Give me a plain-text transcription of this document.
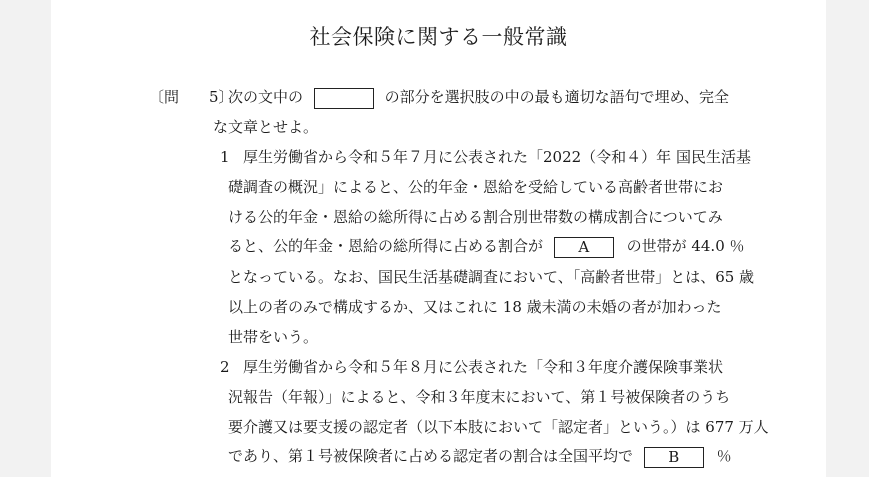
社会保険に関する一般常識
〔問　　5〕
次の文中の	の部分を選択肢の中の最も適切な語句で埋め、完全
な文章とせよ。
1 厚生労働省から令和５年７月に公表された「2022（令和４）年 国民生活基
礎調査の概況」によると、公的年金・恩給を受給している高齢者世帯にお
ける公的年金・恩給の総所得に占める割合別世帯数の構成割合についてみ
ると、公的年金・恩給の総所得に占める割合が A の世帯が 44.0 ％
となっている。なお、国民生活基礎調査において、「高齢者世帯」とは、65 歳
以上の者のみで構成するか、又はこれに 18 歳未満の未婚の者が加わった
世帯をいう。
2 厚生労働省から令和５年８月に公表された「令和３年度介護保険事業状
況報告（年報）」によると、令和３年度末において、第１号被保険者のうち
要介護又は要支援の認定者（以下本肢において「認定者」という。）は 677 万人
であり、第１号被保険者に占める認定者の割合は全国平均で B ％
